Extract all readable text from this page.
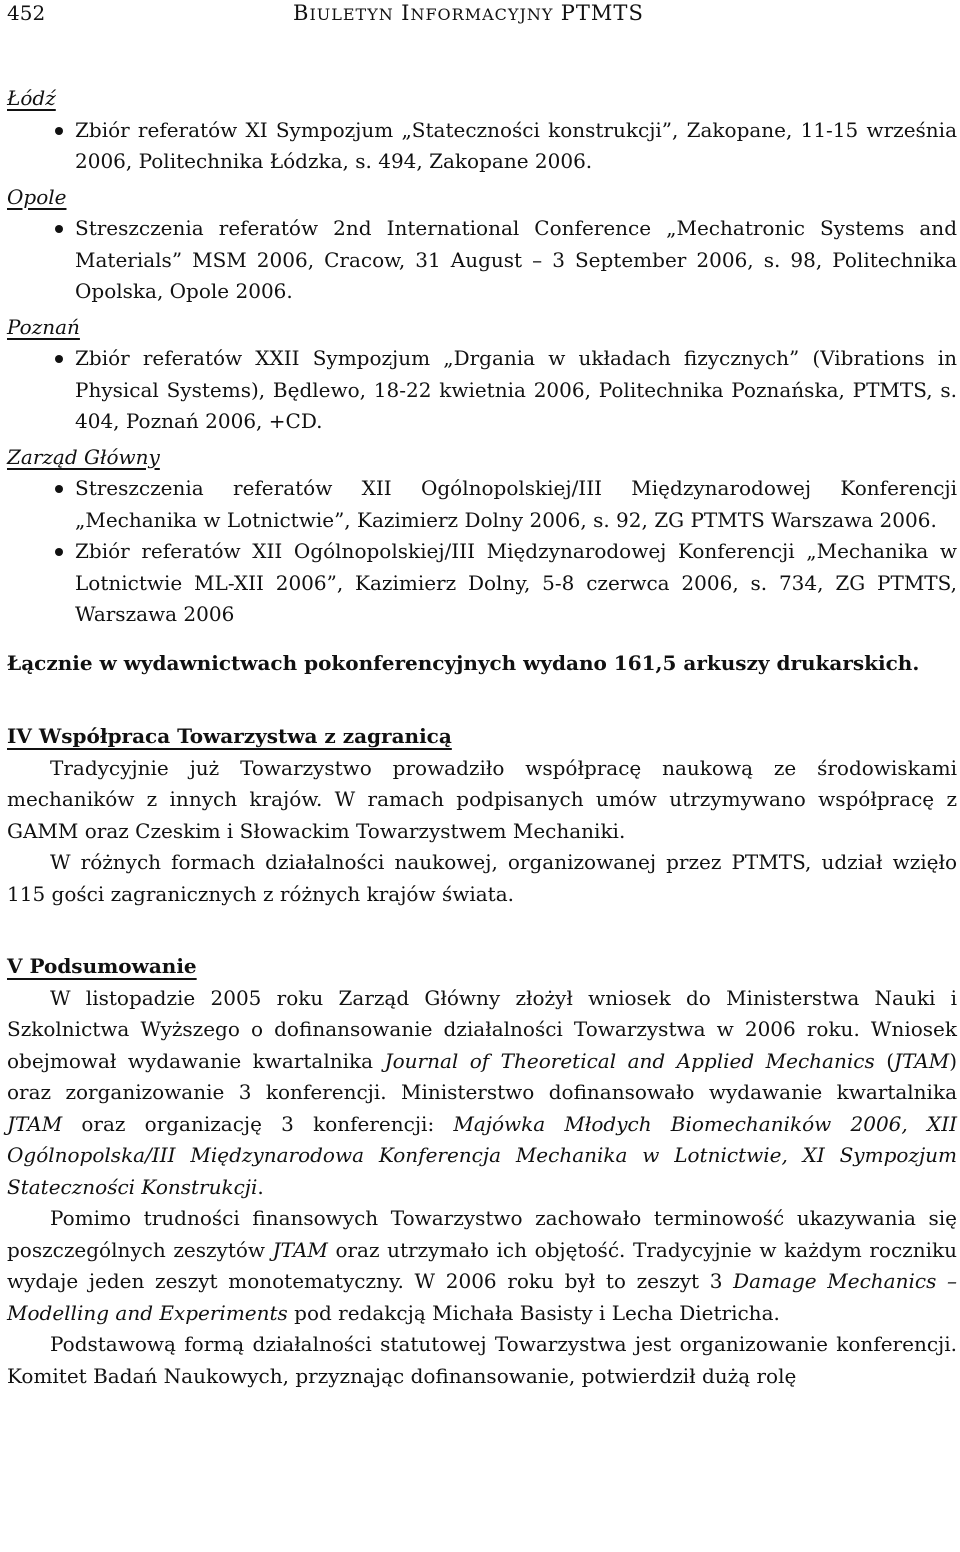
452	BIULETYN INFORMACYJNY PTMTS
Łódź
Zbiór referatów XI Sympozjum „Stateczności konstrukcji”, Zakopane, 11-15 września 2006, Politechnika Łódzka, s. 494, Zakopane 2006.
Opole
Streszczenia referatów 2nd International Conference „Mechatronic Systems and Materials” MSM 2006, Cracow, 31 August – 3 September 2006, s. 98, Politechnika Opolska, Opole 2006.
Poznań
Zbiór referatów XXII Sympozjum „Drgania w układach fizycznych” (Vibrations in Physical Systems), Będlewo, 18-22 kwietnia 2006, Politechnika Poznańska, PTMTS, s. 404, Poznań 2006, +CD.
Zarząd Główny
Streszczenia referatów XII Ogólnopolskiej/III Międzynarodowej Konferencji „Mechanika w Lotnictwie”, Kazimierz Dolny 2006, s. 92, ZG PTMTS Warszawa 2006.
Zbiór referatów XII Ogólnopolskiej/III Międzynarodowej Konferencji „Mechanika w Lotnictwie ML-XII 2006”, Kazimierz Dolny, 5-8 czerwca 2006, s. 734, ZG PTMTS, Warszawa 2006
Łącznie w wydawnictwach pokonferencyjnych wydano 161,5 arkuszy drukarskich.
IV Współpraca Towarzystwa z zagranicą

Tradycyjnie już Towarzystwo prowadziło współpracę naukową ze środowiskami mechaników z innych krajów. W ramach podpisanych umów utrzymywano współpracę z GAMM oraz Czeskim i Słowackim Towarzystwem Mechaniki.

W różnych formach działalności naukowej, organizowanej przez PTMTS, udział wzięło 115 gości zagranicznych z różnych krajów świata.

V Podsumowanie

W listopadzie 2005 roku Zarząd Główny złożył wniosek do Ministerstwa Nauki i Szkolnictwa Wyższego o dofinansowanie działalności Towarzystwa w 2006 roku. Wniosek obejmował wydawanie kwartalnika Journal of Theoretical and Applied Mechanics (JTAM) oraz zorganizowanie 3 konferencji. Ministerstwo dofinansowało wydawanie kwartalnika JTAM oraz organizację 3 konferencji: Majówka Młodych Biomechaników 2006, XII Ogólnopolska/III Międzynarodowa Konferencja Mechanika w Lotnictwie, XI Sympozjum Stateczności Konstrukcji.

Pomimo trudności finansowych Towarzystwo zachowało terminowość ukazywania się poszczególnych zeszytów JTAM oraz utrzymało ich objętość. Tradycyjnie w każdym roczniku wydaje jeden zeszyt monotematyczny. W 2006 roku był to zeszyt 3 Damage Mechanics – Modelling and Experiments pod redakcją Michała Basisty i Lecha Dietricha.

Podstawową formą działalności statutowej Towarzystwa jest organizowanie konferencji. Komitet Badań Naukowych, przyznając dofinansowanie, potwierdził dużą rolę
